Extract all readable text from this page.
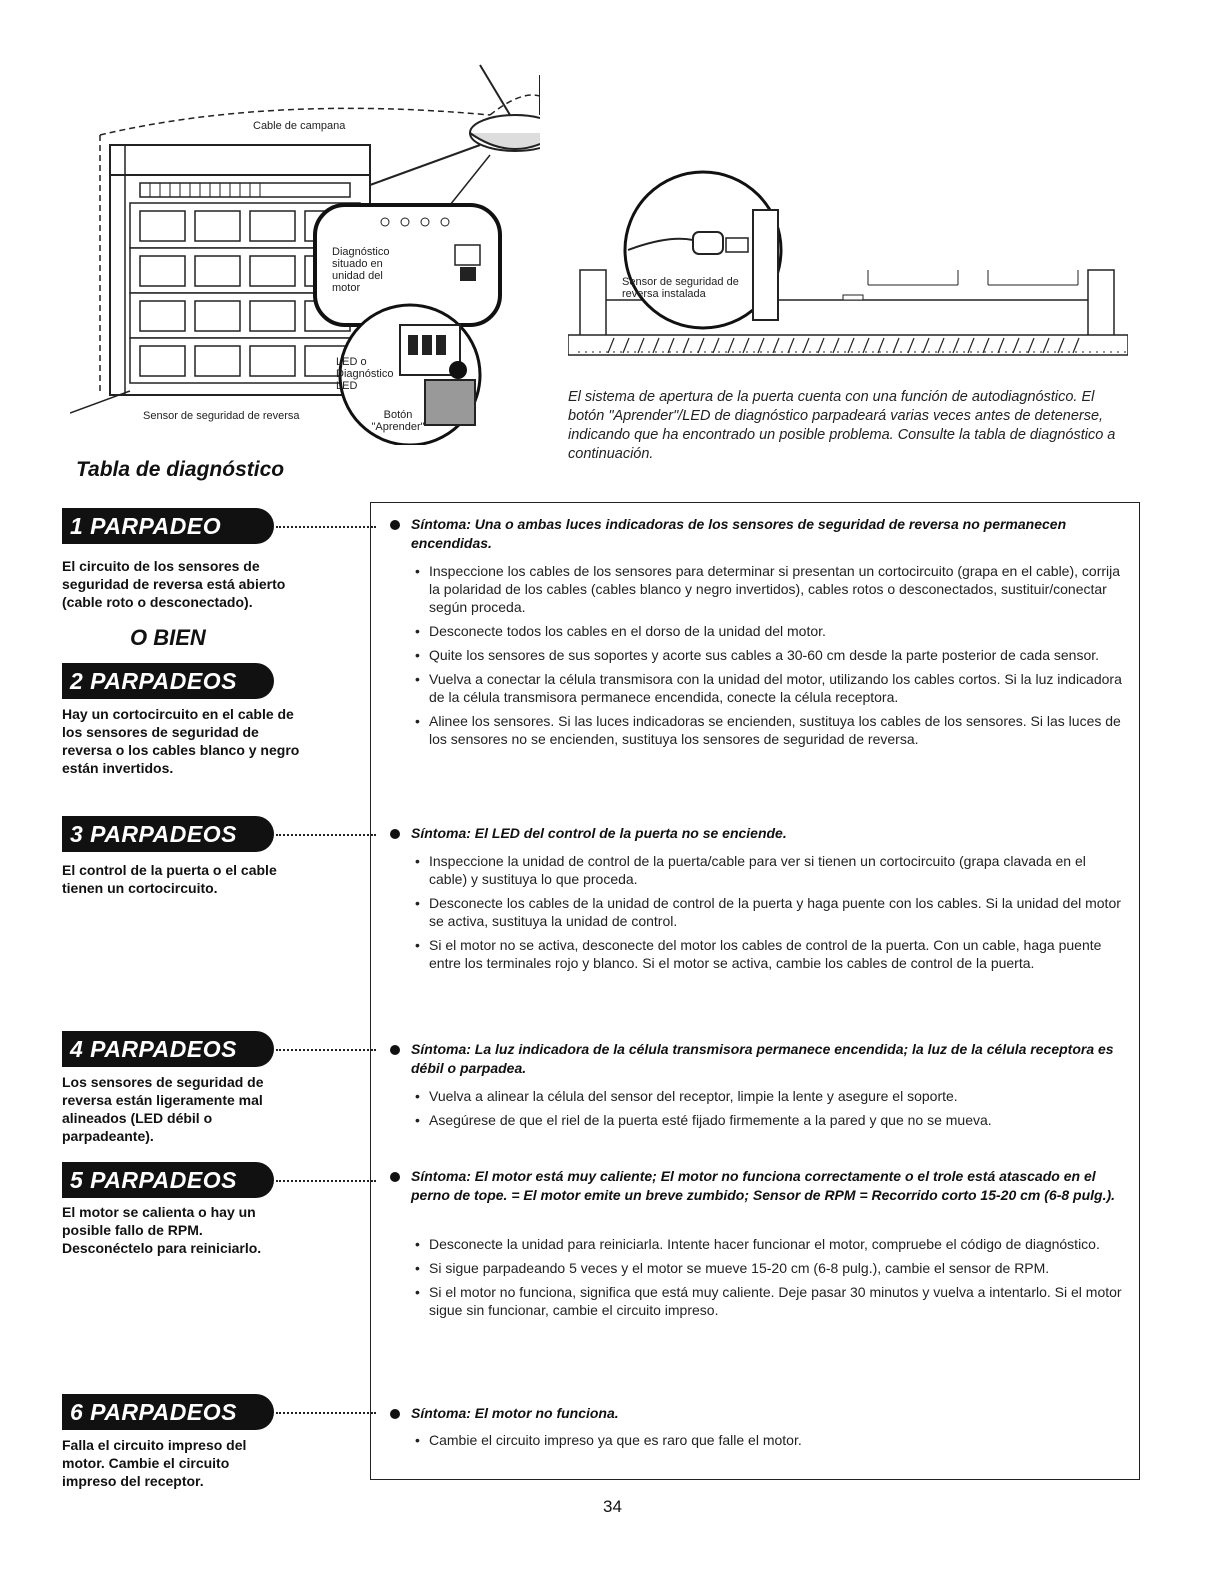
Cable de campana
Diagnóstico situado en unidad del motor
LED o Diagnóstico LED
Botón "Aprender"
Sensor de seguridad de reversa
Sensor de seguridad de reversa instalada
El sistema de apertura de la puerta cuenta con una función de autodiagnóstico. El botón "Aprender"/LED de diagnóstico parpadeará varias veces antes de detenerse, indicando que ha encontrado un posible problema. Consulte la tabla de diagnóstico a continuación.
Tabla de diagnóstico
1 PARPADEO
El circuito de los sensores de seguridad de reversa está abierto (cable roto o desconectado).
O BIEN
2 PARPADEOS
Hay un cortocircuito en el cable de los sensores de seguridad de reversa o los cables blanco y negro están invertidos.
3 PARPADEOS
El control de la puerta o el cable tienen un cortocircuito.
4 PARPADEOS
Los sensores de seguridad de reversa están ligeramente mal alineados (LED débil o parpadeante).
5 PARPADEOS
El motor se calienta o hay un posible fallo de RPM. Desconéctelo para reiniciarlo.
6 PARPADEOS
Falla el circuito impreso del motor. Cambie el circuito impreso del receptor.
Síntoma: Una o ambas luces indicadoras de los sensores de seguridad de reversa no permanecen encendidas.
• Inspeccione los cables de los sensores para determinar si presentan un cortocircuito (grapa en el cable), corrija la polaridad de los cables (cables blanco y negro invertidos), cables rotos o desconectados, sustituir/conectar según proceda.
• Desconecte todos los cables en el dorso de la unidad del motor.
• Quite los sensores de sus soportes y acorte sus cables a 30-60 cm desde la parte posterior de cada sensor.
• Vuelva a conectar la célula transmisora con la unidad del motor, utilizando los cables cortos. Si la luz indicadora de la célula transmisora permanece encendida, conecte la célula receptora.
• Alinee los sensores. Si las luces indicadoras se encienden, sustituya los cables de los sensores. Si las luces de los sensores no se encienden, sustituya los sensores de seguridad de reversa.
Síntoma: El LED del control de la puerta no se enciende.
• Inspeccione la unidad de control de la puerta/cable para ver si tienen un cortocircuito (grapa clavada en el cable) y sustituya lo que proceda.
• Desconecte los cables de la unidad de control de la puerta y haga puente con los cables. Si la unidad del motor se activa, sustituya la unidad de control.
• Si el motor no se activa, desconecte del motor los cables de control de la puerta. Con un cable, haga puente entre los terminales rojo y blanco. Si el motor se activa, cambie los cables de control de la puerta.
Síntoma: La luz indicadora de la célula transmisora permanece encendida; la luz de la célula receptora es débil o parpadea.
• Vuelva a alinear la célula del sensor del receptor, limpie la lente y asegure el soporte.
• Asegúrese de que el riel de la puerta esté fijado firmemente a la pared y que no se mueva.
Síntoma: El motor está muy caliente; El motor no funciona correctamente o el trole está atascado en el perno de tope. = El motor emite un breve zumbido; Sensor de RPM = Recorrido corto 15-20 cm (6-8 pulg.).
• Desconecte la unidad para reiniciarla. Intente hacer funcionar el motor, compruebe el código de diagnóstico.
• Si sigue parpadeando 5 veces y el motor se mueve 15-20 cm (6-8 pulg.), cambie el sensor de RPM.
• Si el motor no funciona, significa que está muy caliente. Deje pasar 30 minutos y vuelva a intentarlo. Si el motor sigue sin funcionar, cambie el circuito impreso.
Síntoma: El motor no funciona.
• Cambie el circuito impreso ya que es raro que falle el motor.
34
